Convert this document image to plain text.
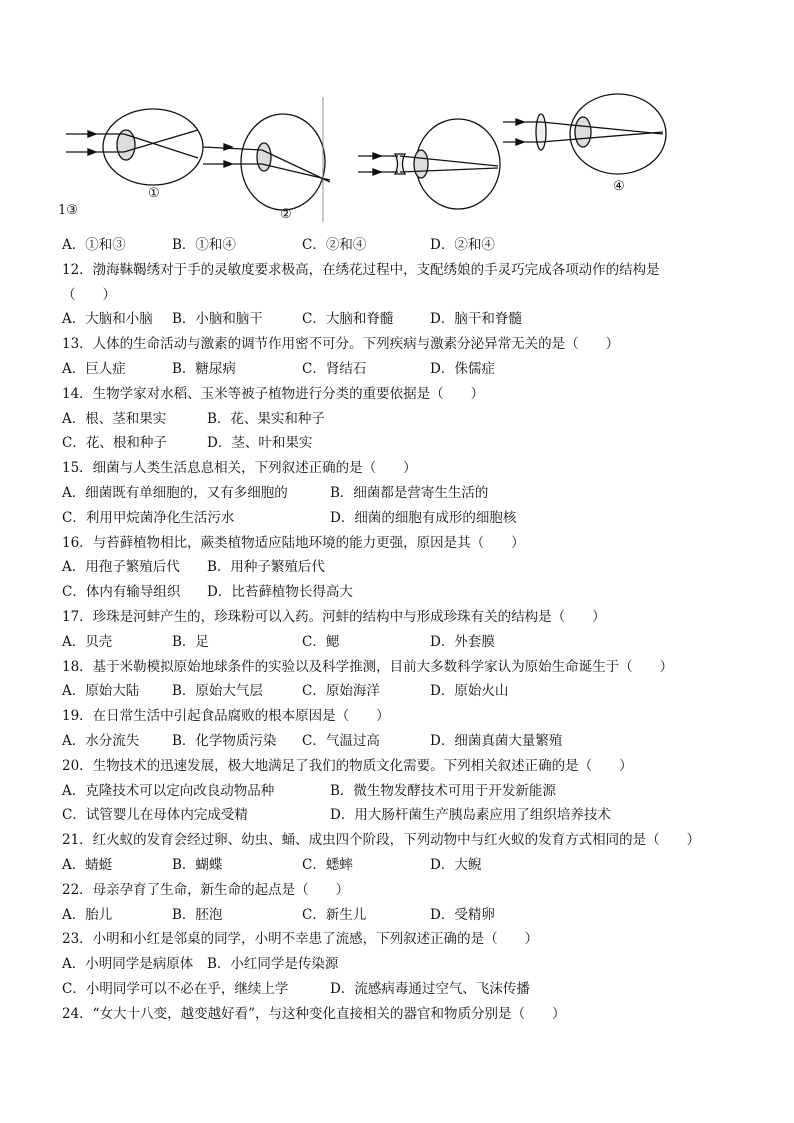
1③
①
②
④
A．①和③	B．①和④	C．②和④	D．②和④
12．渤海靺鞨绣对于手的灵敏度要求极高，在绣花过程中，支配绣娘的手灵巧完成各项动作的结构是
（　　）
A．大脑和小脑 B．小脑和脑干	C．大脑和脊髓	D．脑干和脊髓
13．人体的生命活动与激素的调节作用密不可分。下列疾病与激素分泌异常无关的是（　　）
A．巨人症	B．糖尿病	C．肾结石	D．侏儒症
14．生物学家对水稻、玉米等被子植物进行分类的重要依据是（　　）
A．根、茎和果实	B．花、果实和种子
C．花、根和种子	D．茎、叶和果实
15．细菌与人类生活息息相关，下列叙述正确的是（　　）
A．细菌既有单细胞的，又有多细胞的	B．细菌都是营寄生生活的
C．利用甲烷菌净化生活污水	D．细菌的细胞有成形的细胞核
16．与苔藓植物相比，蕨类植物适应陆地环境的能力更强，原因是其（　　）
A．用孢子繁殖后代 B．用种子繁殖后代
C．体内有输导组织 D．比苔藓植物长得高大
17．珍珠是河蚌产生的，珍珠粉可以入药。河蚌的结构中与形成珍珠有关的结构是（　　）
A．贝壳	B．足	C．鳃	D．外套膜
18．基于米勒模拟原始地球条件的实验以及科学推测，目前大多数科学家认为原始生命诞生于（　　）
A．原始大陆 B．原始大气层	C．原始海洋	D．原始火山
19．在日常生活中引起食品腐败的根本原因是（　　）
A．水分流失 B．化学物质污染 C．气温过高	D．细菌真菌大量繁殖
20．生物技术的迅速发展，极大地满足了我们的物质文化需要。下列相关叙述正确的是（　　）
A．克隆技术可以定向改良动物品种	B．微生物发酵技术可用于开发新能源
C．试管婴儿在母体内完成受精	D．用大肠杆菌生产胰岛素应用了组织培养技术
21．红火蚁的发育会经过卵、幼虫、蛹、成虫四个阶段，下列动物中与红火蚁的发育方式相同的是（　　）
A．蜻蜓	B．蝴蝶	C．蟋蟀	D．大鲵
22．母亲孕育了生命，新生命的起点是（　　）
A．胎儿	B．胚泡	C．新生儿	D．受精卵
23．小明和小红是邻桌的同学，小明不幸患了流感，下列叙述正确的是（　　）
A．小明同学是病原体 B．小红同学是传染源
C．小明同学可以不必在乎，继续上学	D．流感病毒通过空气、飞沫传播
24．“女大十八变，越变越好看”，与这种变化直接相关的器官和物质分别是（　　）
